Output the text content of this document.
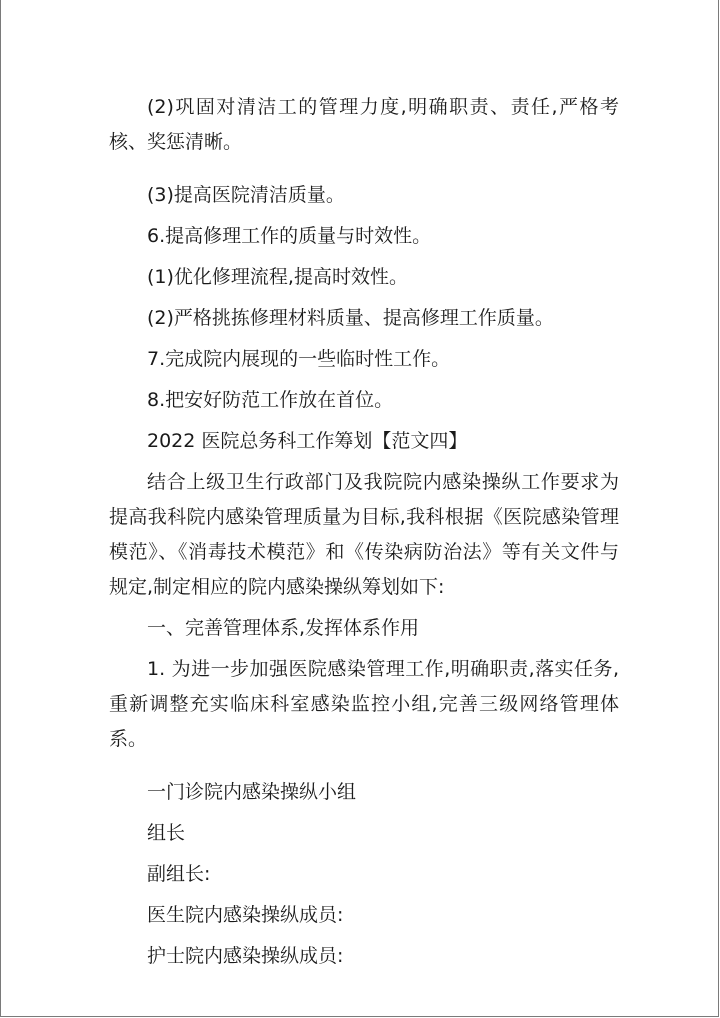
(2)巩固对清洁工的管理力度,明确职责、责任,严格考核、奖惩清晰。

(3)提高医院清洁质量。

6.提高修理工作的质量与时效性。

(1)优化修理流程,提高时效性。

(2)严格挑拣修理材料质量、提高修理工作质量。

7.完成院内展现的一些临时性工作。

8.把安好防范工作放在首位。

2022 医院总务科工作筹划【范文四】

结合上级卫生行政部门及我院院内感染操纵工作要求为提高我科院内感染管理质量为目标,我科根据《医院感染管理模范》、《消毒技术模范》和《传染病防治法》等有关文件与规定,制定相应的院内感染操纵筹划如下:

一、完善管理体系,发挥体系作用

1. 为进一步加强医院感染管理工作,明确职责,落实任务,重新调整充实临床科室感染监控小组,完善三级网络管理体系。

一门诊院内感染操纵小组

组长

副组长:

医生院内感染操纵成员:

护士院内感染操纵成员:
